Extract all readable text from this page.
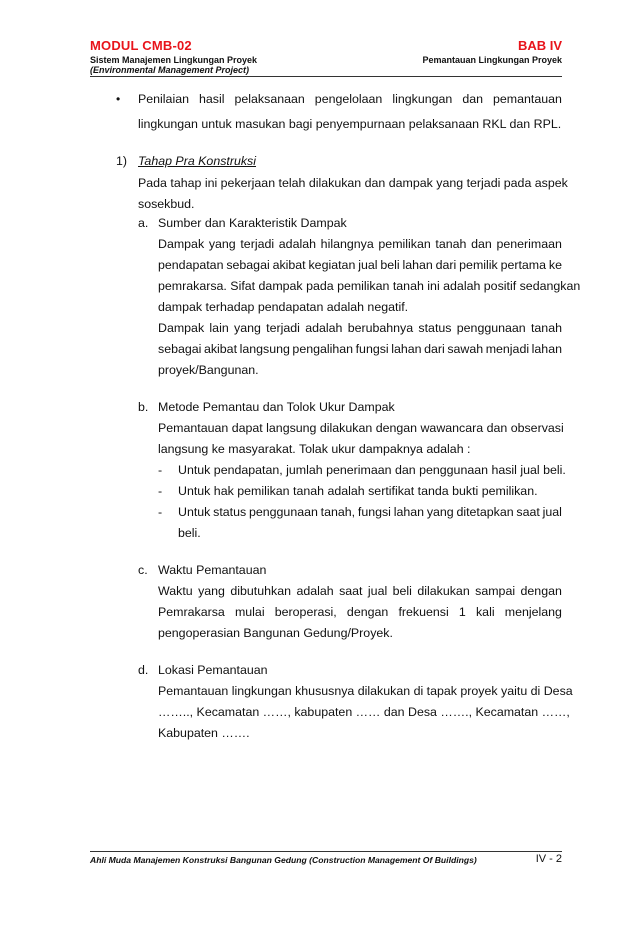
MODUL CMB-02	BAB IV
Sistem Manajemen Lingkungan Proyek
(Environmental Management Project)
Pemantauan Lingkungan Proyek
• Penilaian hasil pelaksanaan pengelolaan lingkungan dan pemantauan
lingkungan untuk masukan bagi penyempurnaan pelaksanaan RKL dan RPL.
1) Tahap Pra Konstruksi
Pada tahap ini pekerjaan telah dilakukan dan dampak yang terjadi pada aspek
sosekbud.
a. Sumber dan Karakteristik Dampak
Dampak yang terjadi adalah hilangnya pemilikan tanah dan penerimaan
pendapatan sebagai akibat kegiatan jual beli lahan dari pemilik pertama ke
pemrakarsa. Sifat dampak pada pemilikan tanah ini adalah positif sedangkan
dampak terhadap pendapatan adalah negatif.
Dampak lain yang terjadi adalah berubahnya status penggunaan tanah
sebagai akibat langsung pengalihan fungsi lahan dari sawah menjadi lahan
proyek/Bangunan.
b. Metode Pemantau dan Tolok Ukur Dampak
Pemantauan dapat langsung dilakukan dengan wawancara dan observasi
langsung ke masyarakat. Tolak ukur dampaknya adalah :
- Untuk pendapatan, jumlah penerimaan dan penggunaan hasil jual beli.
- Untuk hak pemilikan tanah adalah sertifikat tanda bukti pemilikan.
- Untuk status penggunaan tanah, fungsi lahan yang ditetapkan saat jual
beli.
c. Waktu Pemantauan
Waktu yang dibutuhkan adalah saat jual beli dilakukan sampai dengan
Pemrakarsa mulai beroperasi, dengan frekuensi 1 kali menjelang
pengoperasian Bangunan Gedung/Proyek.
d. Lokasi Pemantauan
Pemantauan lingkungan khususnya dilakukan di tapak proyek yaitu di Desa
…….., Kecamatan ……, kabupaten …… dan Desa ……., Kecamatan ……,
Kabupaten …….
Ahli Muda Manajemen Konstruksi Bangunan Gedung (Construction Management Of Buildings)	IV - 2
